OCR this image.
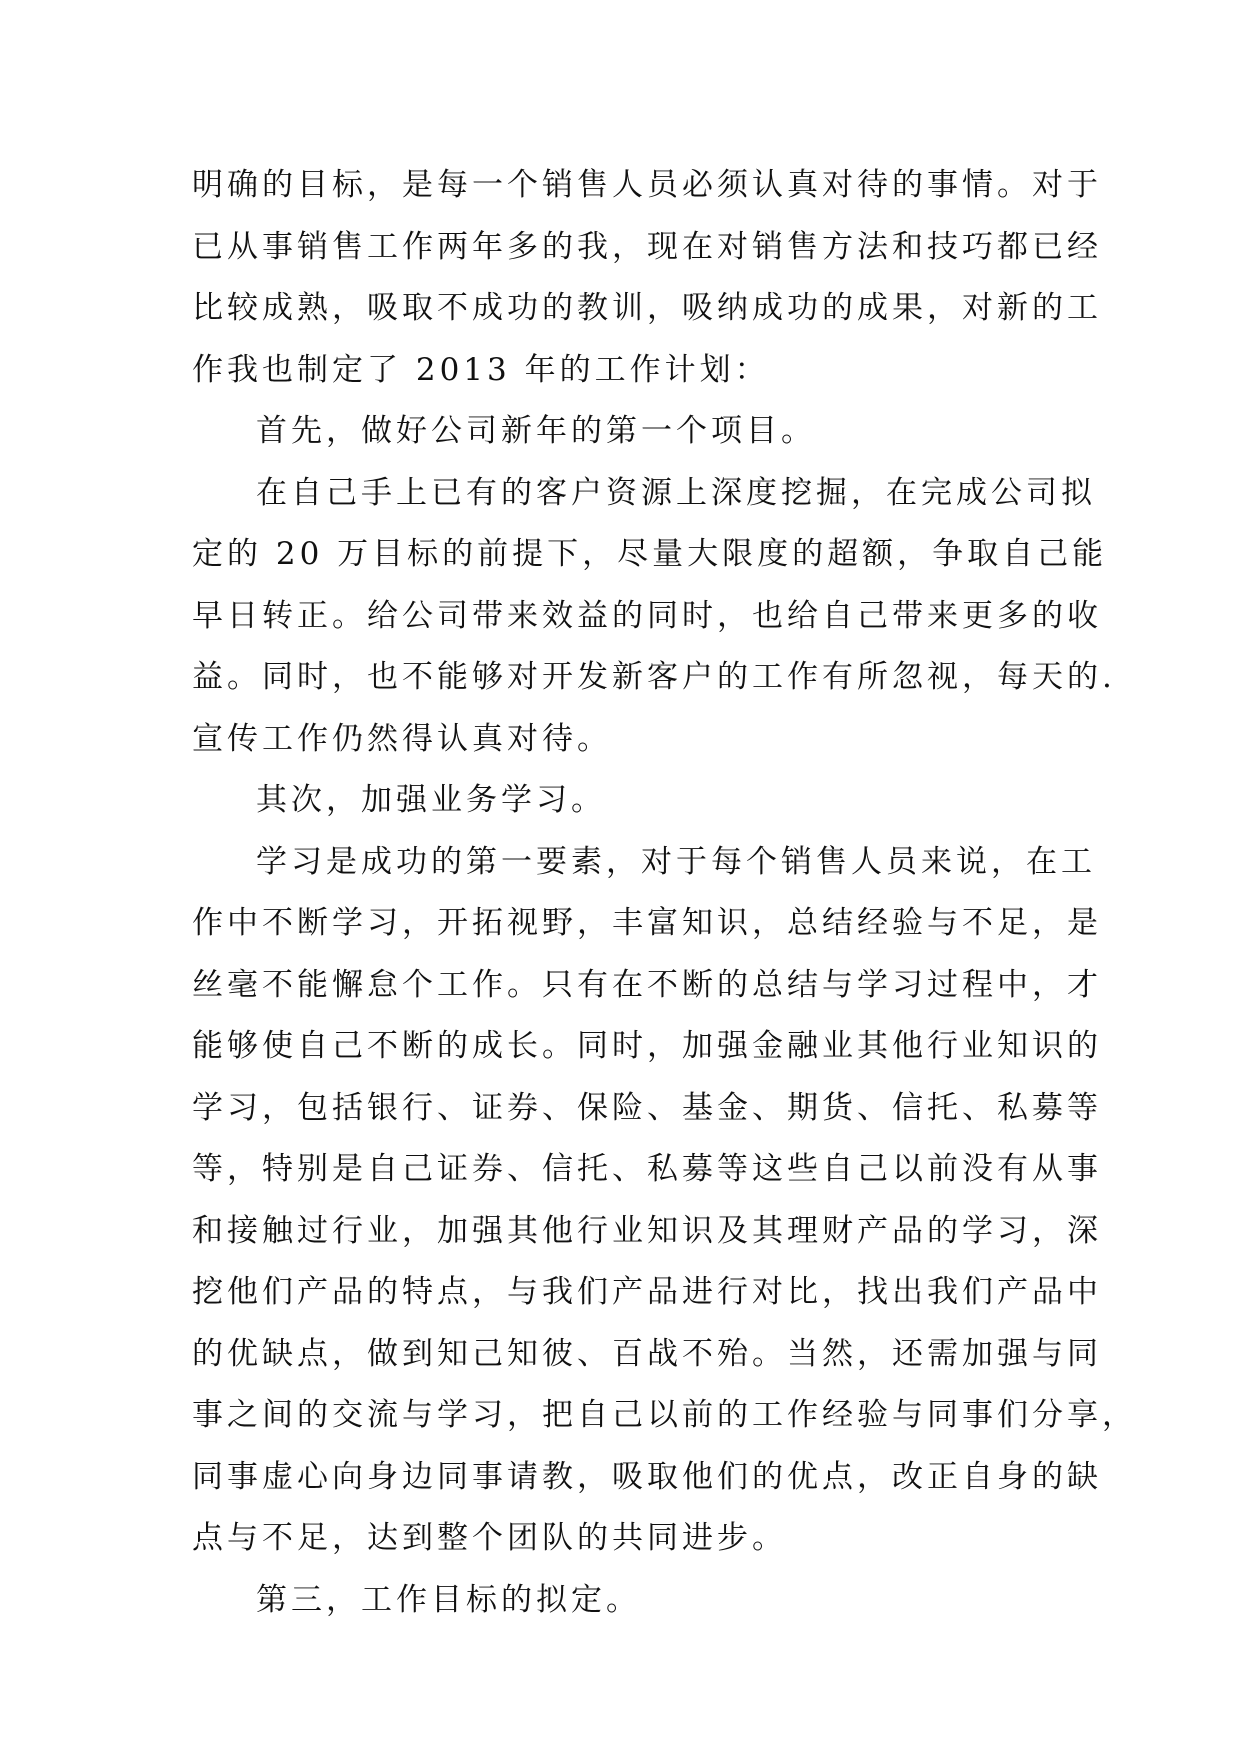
明确的目标，是每一个销售人员必须认真对待的事情。对于
已从事销售工作两年多的我，现在对销售方法和技巧都已经
比较成熟，吸取不成功的教训，吸纳成功的成果，对新的工
作我也制定了 2013 年的工作计划：
首先，做好公司新年的第一个项目。
在自己手上已有的客户资源上深度挖掘，在完成公司拟
定的 20 万目标的前提下，尽量大限度的超额，争取自己能
早日转正。给公司带来效益的同时，也给自己带来更多的收
益。同时，也不能够对开发新客户的工作有所忽视，每天的.
宣传工作仍然得认真对待。
其次，加强业务学习。
学习是成功的第一要素，对于每个销售人员来说，在工
作中不断学习，开拓视野，丰富知识，总结经验与不足，是
丝毫不能懈怠个工作。只有在不断的总结与学习过程中，才
能够使自己不断的成长。同时，加强金融业其他行业知识的
学习，包括银行、证券、保险、基金、期货、信托、私募等
等，特别是自己证券、信托、私募等这些自己以前没有从事
和接触过行业，加强其他行业知识及其理财产品的学习，深
挖他们产品的特点，与我们产品进行对比，找出我们产品中
的优缺点，做到知己知彼、百战不殆。当然，还需加强与同
事之间的交流与学习，把自己以前的工作经验与同事们分享，
同事虚心向身边同事请教，吸取他们的优点，改正自身的缺
点与不足，达到整个团队的共同进步。
第三，工作目标的拟定。
